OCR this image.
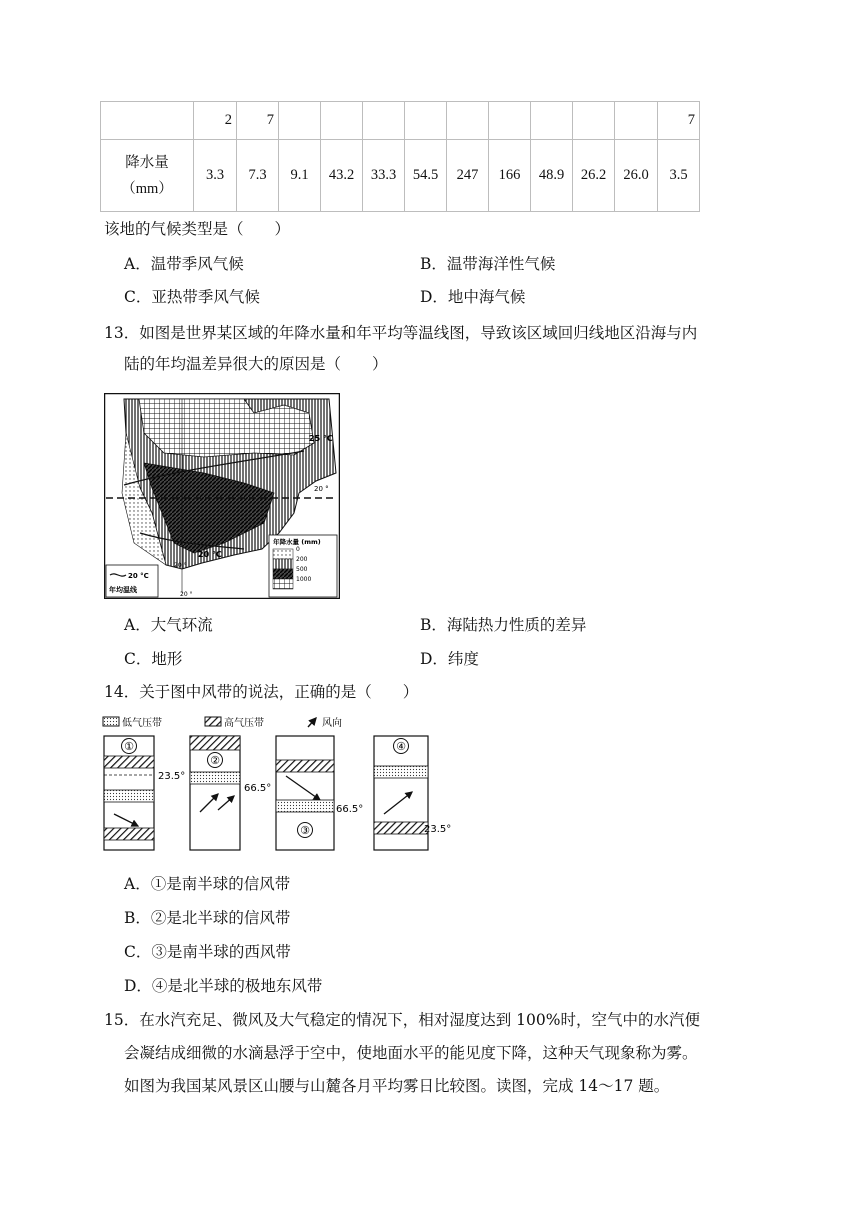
	2	7										7

降水量
（mm）	3.3	7.3	9.1	43.2	33.3	54.5	247	166	48.9	26.2	26.0	3.5
该地的气候类型是（　　）
A．温带季风气候	B．温带海洋性气候
C．亚热带季风气候	D．地中海气候
13．如图是世界某区域的年降水量和年平均等温线图，导致该区域回归线地区沿海与内
陆的年均温差异很大的原因是（　　）
25 °C
20 °
20 °C
20 °
20 °
20 °C
年均温线
年降水量 (mm)
0
200
500
1000
A．大气环流	B．海陆热力性质的差异
C．地形	D．纬度
14．关于图中风带的说法，正确的是（　　）
低气压带	高气压带	风向
①
23.5°
②
66.5°
③
66.5°
④
23.5°
A．①是南半球的信风带
B．②是北半球的信风带
C．③是南半球的西风带
D．④是北半球的极地东风带
15．在水汽充足、微风及大气稳定的情况下，相对湿度达到 100%时，空气中的水汽便
会凝结成细微的水滴悬浮于空中，使地面水平的能见度下降，这种天气现象称为雾。
如图为我国某风景区山腰与山麓各月平均雾日比较图。读图，完成 14～17 题。
